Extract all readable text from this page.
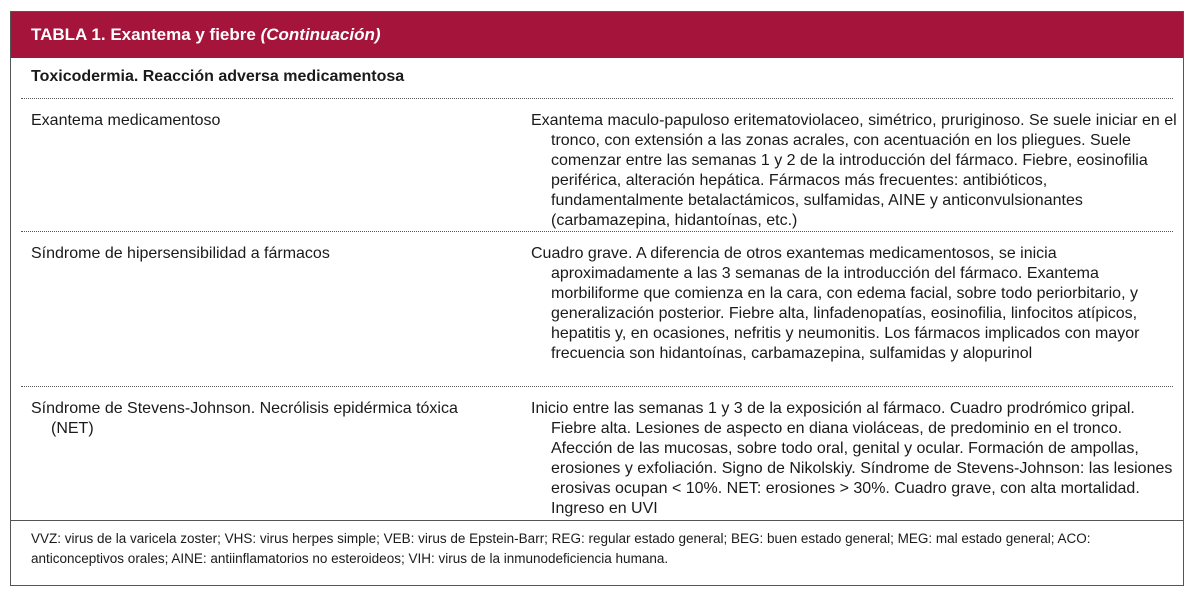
TABLA 1. Exantema y fiebre (Continuación)
Toxicodermia. Reacción adversa medicamentosa
Exantema medicamentoso	Exantema maculo-papuloso eritematoviolaceo, simétrico, pruriginoso. Se suele iniciar en el tronco, con extensión a las zonas acrales, con acentuación en los pliegues. Suele comenzar entre las semanas 1 y 2 de la introducción del fármaco. Fiebre, eosinofilia periférica, alteración hepática. Fármacos más frecuentes: antibióticos, fundamentalmente betalactámicos, sulfamidas, AINE y anticonvulsionantes (carbamazepina, hidantoínas, etc.)
Síndrome de hipersensibilidad a fármacos	Cuadro grave. A diferencia de otros exantemas medicamentosos, se inicia aproximadamente a las 3 semanas de la introducción del fármaco. Exantema morbiliforme que comienza en la cara, con edema facial, sobre todo periorbitario, y generalización posterior. Fiebre alta, linfadenopatías, eosinofilia, linfocitos atípicos, hepatitis y, en ocasiones, nefritis y neumonitis. Los fármacos implicados con mayor frecuencia son hidantoínas, carbamazepina, sulfamidas y alopurinol
Síndrome de Stevens-Johnson. Necrólisis epidérmica tóxica (NET)
Inicio entre las semanas 1 y 3 de la exposición al fármaco. Cuadro prodrómico gripal. Fiebre alta. Lesiones de aspecto en diana violáceas, de predominio en el tronco. Afección de las mucosas, sobre todo oral, genital y ocular. Formación de ampollas, erosiones y exfoliación. Signo de Nikolskiy. Síndrome de Stevens-Johnson: las lesiones erosivas ocupan < 10%. NET: erosiones > 30%. Cuadro grave, con alta mortalidad. Ingreso en UVI
VVZ: virus de la varicela zoster; VHS: virus herpes simple; VEB: virus de Epstein-Barr; REG: regular estado general; BEG: buen estado general; MEG: mal estado general; ACO: anticonceptivos orales; AINE: antiinflamatorios no esteroideos; VIH: virus de la inmunodeficiencia humana.
